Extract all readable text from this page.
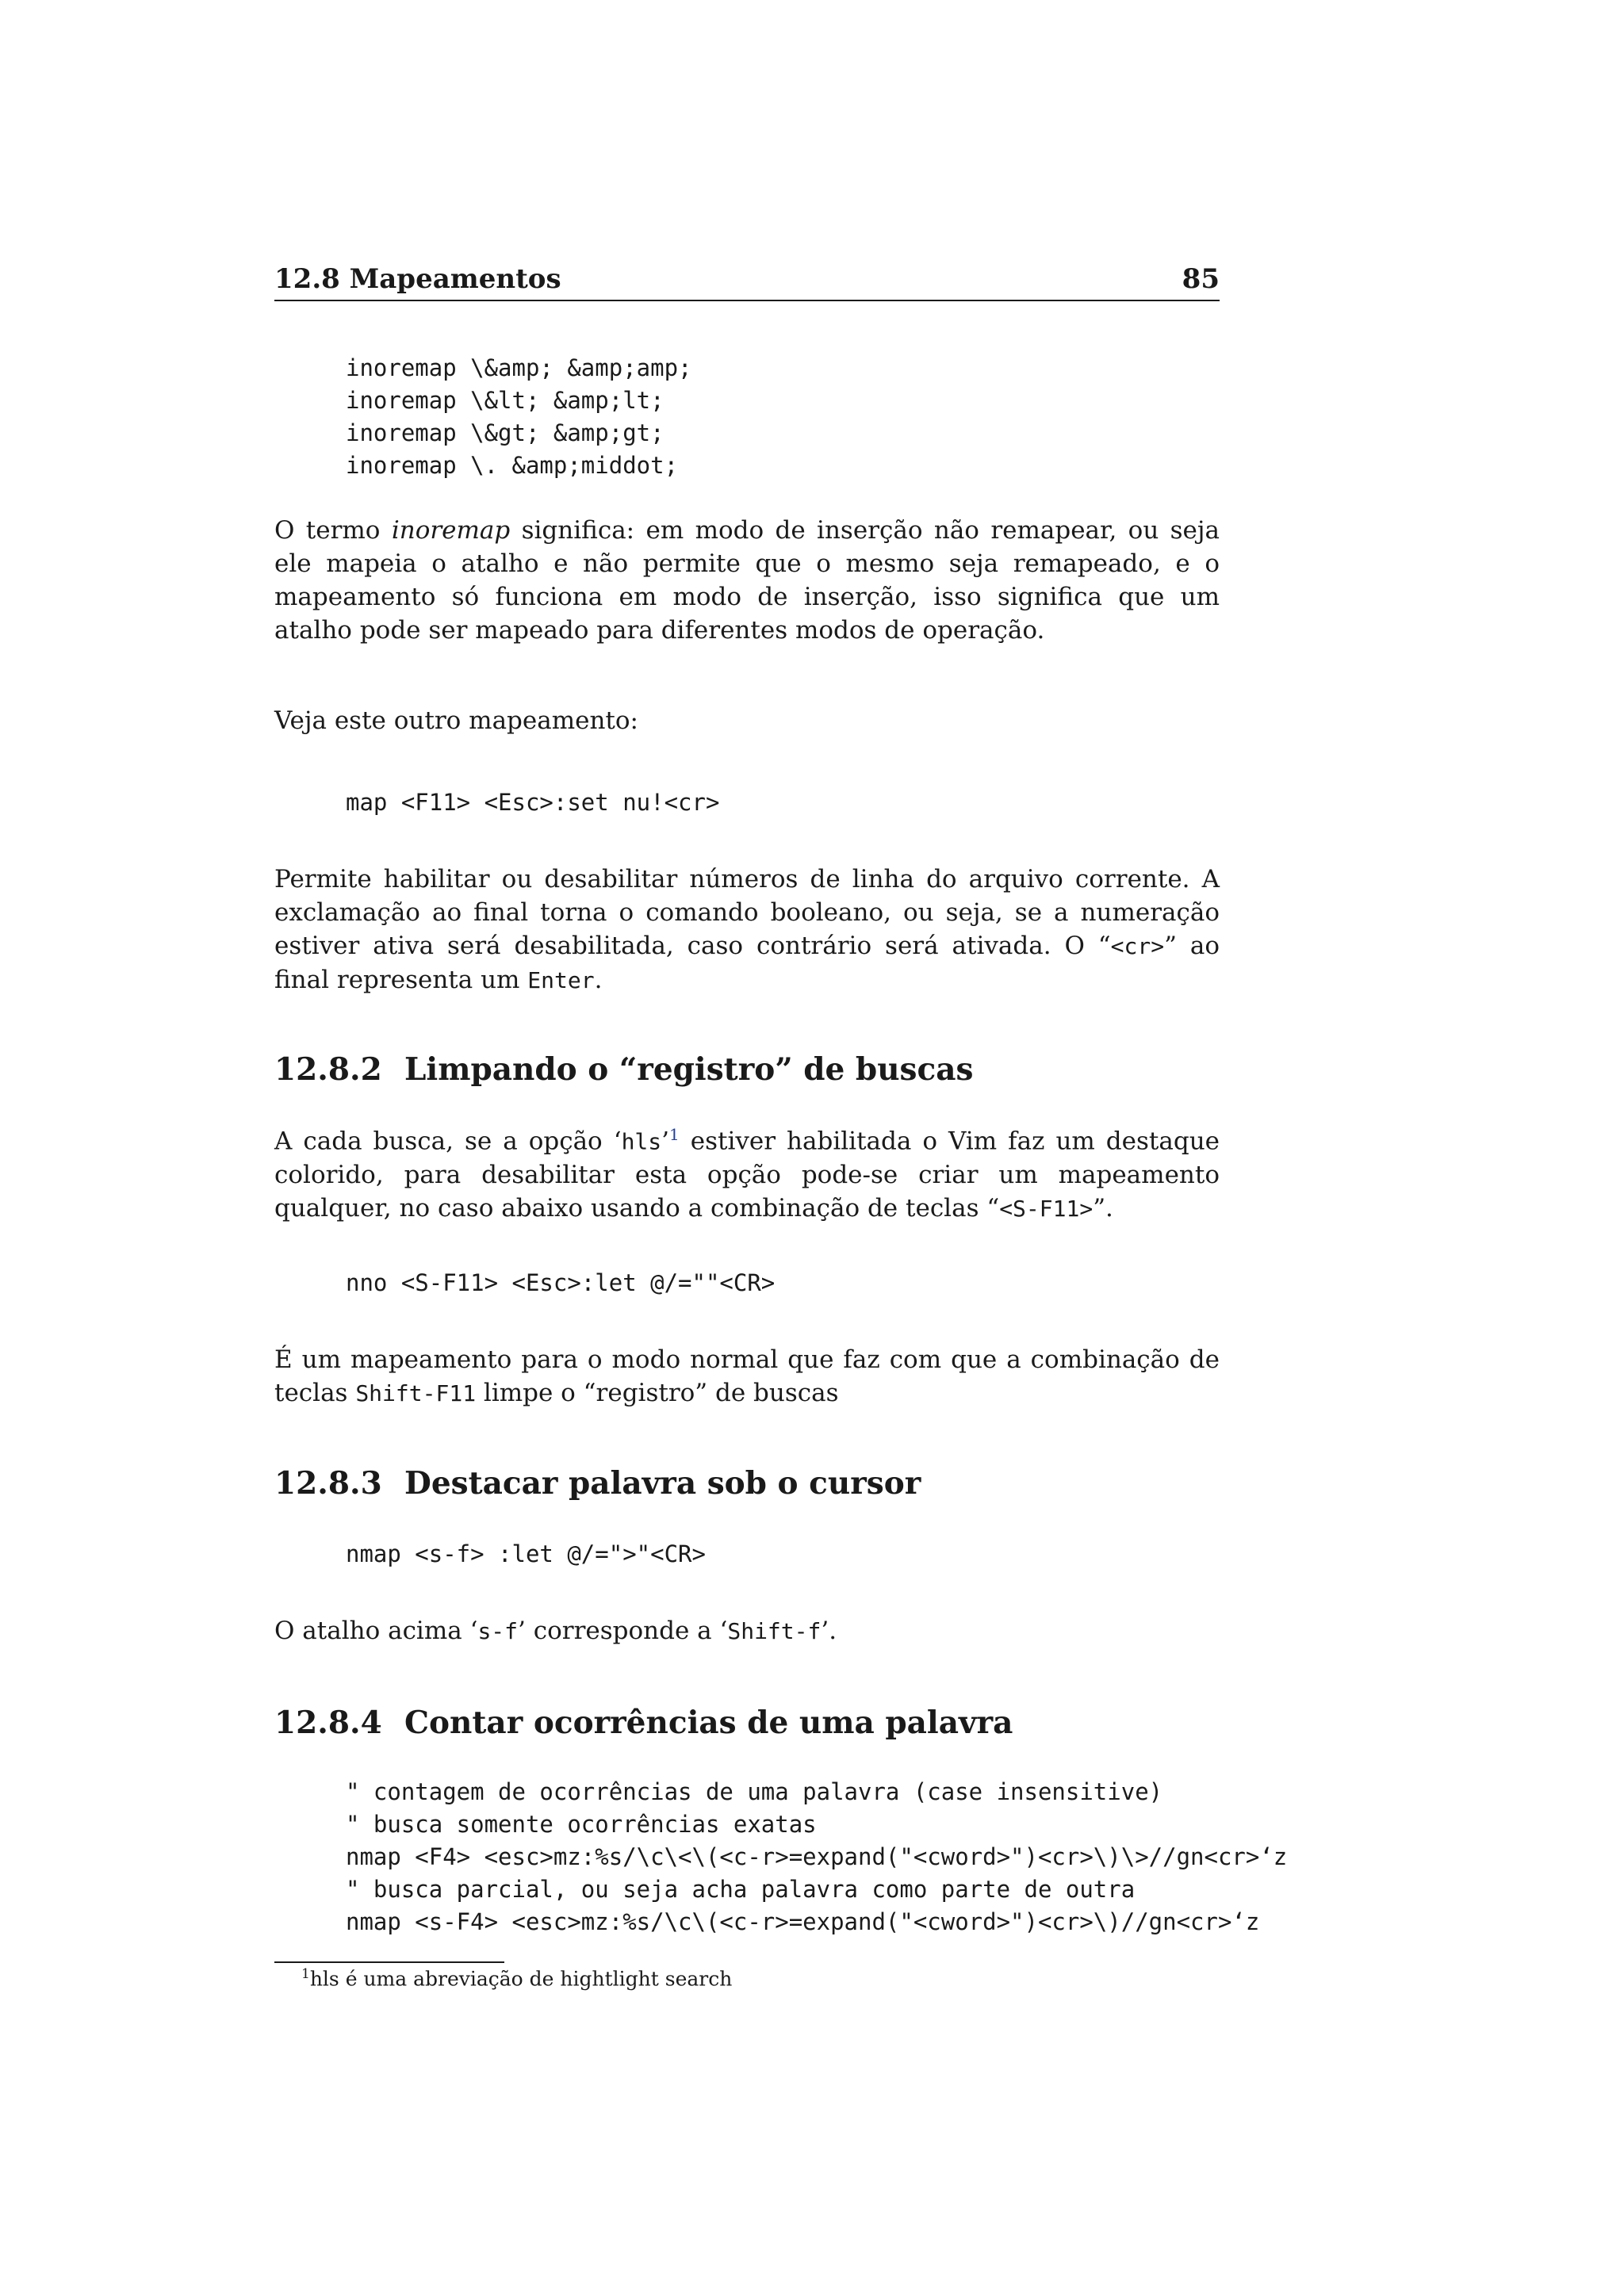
12.8 Mapeamentos	85
inoremap \&amp; &amp;amp;
inoremap \&lt; &amp;lt;
inoremap \&gt; &amp;gt;
inoremap \. &amp;middot;

O termo inoremap significa: em modo de inserção não remapear, ou seja ele mapeia o atalho e não permite que o mesmo seja remapeado, e o mapeamento só funciona em modo de inserção, isso significa que um atalho pode ser mapeado para diferentes modos de operação.

Veja este outro mapeamento:

map <F11> <Esc>:set nu!<cr>

Permite habilitar ou desabilitar números de linha do arquivo corrente. A exclamação ao final torna o comando booleano, ou seja, se a numeração estiver ativa será desabilitada, caso contrário será ativada. O “<cr>” ao final representa um Enter.

12.8.2 Limpando o “registro” de buscas

A cada busca, se a opção ‘hls’$^1$ estiver habilitada o Vim faz um destaque colorido, para desabilitar esta opção pode-se criar um mapeamento qualquer, no caso abaixo usando a combinação de teclas “<S-F11>”.

nno <S-F11> <Esc>:let @/=""<CR>

É um mapeamento para o modo normal que faz com que a combinação de teclas Shift-F11 limpe o “registro” de buscas

12.8.3 Destacar palavra sob o cursor
nmap <s-f> :let @/=">"<CR>

O atalho acima ‘s-f’ corresponde a ‘Shift-f’.

12.8.4 Contar ocorrências de uma palavra
" contagem de ocorrências de uma palavra (case insensitive)
" busca somente ocorrências exatas
nmap <F4> <esc>mz:%s/\c\<\(<c-r>=expand("<cword>")<cr>\)\>//gn<cr>‘z
" busca parcial, ou seja acha palavra como parte de outra
nmap <s-F4> <esc>mz:%s/\c\(<c-r>=expand("<cword>")<cr>\)//gn<cr>‘z
$^1$hls é uma abreviação de hightlight search
